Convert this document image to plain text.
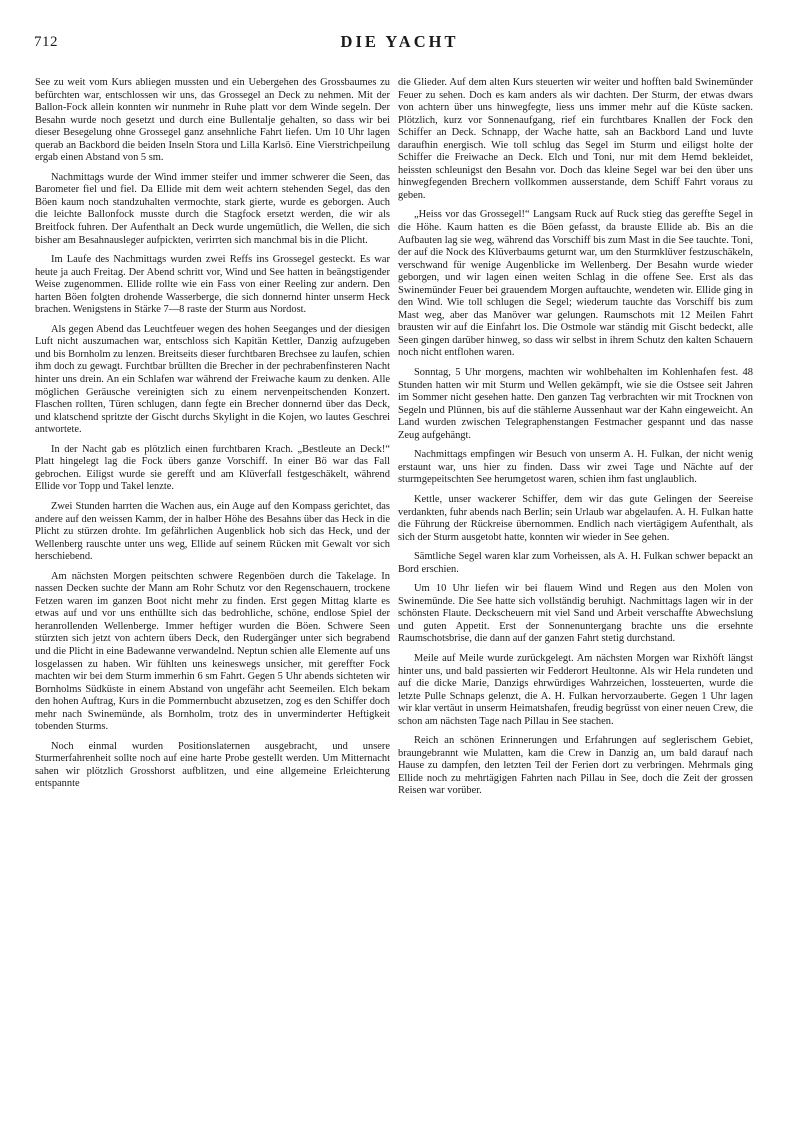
712	DIE YACHT

See zu weit vom Kurs abliegen mussten und ein Uebergehen des Grossbaumes zu befürchten war, entschlossen wir uns, das Grossegel an Deck zu nehmen. Mit der Ballon-Fock allein konnten wir nunmehr in Ruhe platt vor dem Winde segeln. Der Besahn wurde noch gesetzt und durch eine Bullentalje gehalten, so dass wir bei dieser Besegelung ohne Grossegel ganz ansehnliche Fahrt liefen. Um 10 Uhr lagen querab an Backbord die beiden Inseln Stora und Lilla Karlsö. Eine Vierstrichpeilung ergab einen Abstand von 5 sm.

Nachmittags wurde der Wind immer steifer und immer schwerer die Seen, das Barometer fiel und fiel. Da Ellide mit dem weit achtern stehenden Segel, das den Böen kaum noch standzuhalten vermochte, stark gierte, wurde es geborgen. Auch die leichte Ballonfock musste durch die Stagfock ersetzt werden, die wir als Breitfock fuhren. Der Aufenthalt an Deck wurde ungemütlich, die Wellen, die sich bisher am Besahnausleger aufpickten, verirrten sich manchmal bis in die Plicht.

Im Laufe des Nachmittags wurden zwei Reffs ins Grossegel gesteckt. Es war heute ja auch Freitag. Der Abend schritt vor, Wind und See hatten in beängstigender Weise zugenommen. Ellide rollte wie ein Fass von einer Reeling zur andern. Den harten Böen folgten drohende Wasserberge, die sich donnernd hinter unserm Heck brachen. Wenigstens in Stärke 7—8 raste der Sturm aus Nordost.

Als gegen Abend das Leuchtfeuer wegen des hohen Seeganges und der diesigen Luft nicht auszumachen war, entschloss sich Kapitän Kettler, Danzig aufzugeben und bis Bornholm zu lenzen. Breitseits dieser furchtbaren Brechsee zu laufen, schien ihm doch zu gewagt. Furchtbar brüllten die Brecher in der pechrabenfinsteren Nacht hinter uns drein. An ein Schlafen war während der Freiwache kaum zu denken. Alle möglichen Geräusche vereinigten sich zu einem nervenpeitschenden Konzert. Flaschen rollten, Türen schlugen, dann fegte ein Brecher donnernd über das Deck, und klatschend spritzte der Gischt durchs Skylight in die Kojen, wo lautes Geschrei antwortete.

In der Nacht gab es plötzlich einen furchtbaren Krach. „Bestleute an Deck!“ Platt hingelegt lag die Fock übers ganze Vorschiff. In einer Bö war das Fall gebrochen. Eiligst wurde sie gerefft und am Klüverfall festgeschäkelt, während Ellide vor Topp und Takel lenzte.

Zwei Stunden harrten die Wachen aus, ein Auge auf den Kompass gerichtet, das andere auf den weissen Kamm, der in halber Höhe des Besahns über das Heck in die Plicht zu stürzen drohte. Im gefährlichen Augenblick hob sich das Heck, und der Wellenberg rauschte unter uns weg, Ellide auf seinem Rücken mit Gewalt vor sich herschiebend.

Am nächsten Morgen peitschten schwere Regenböen durch die Takelage. In nassen Decken suchte der Mann am Rohr Schutz vor den Regenschauern, trockene Fetzen waren im ganzen Boot nicht mehr zu finden. Erst gegen Mittag klarte es etwas auf und vor uns enthüllte sich das bedrohliche, schöne, endlose Spiel der heranrollenden Wellenberge. Immer heftiger wurden die Böen. Schwere Seen stürzten sich jetzt von achtern übers Deck, den Rudergänger unter sich begrabend und die Plicht in eine Badewanne verwandelnd. Neptun schien alle Elemente auf uns losgelassen zu haben. Wir fühlten uns keineswegs unsicher, mit gereffter Fock machten wir bei dem Sturm immerhin 6 sm Fahrt. Gegen 5 Uhr abends sichteten wir Bornholms Südküste in einem Abstand von ungefähr acht Seemeilen. Elch bekam den hohen Auftrag, Kurs in die Pommernbucht abzusetzen, zog es den Schiffer doch mehr nach Swinemünde, als Bornholm, trotz des in unverminderter Heftigkeit tobenden Sturms.

Noch einmal wurden Positionslaternen ausgebracht, und unsere Sturmerfahrenheit sollte noch auf eine harte Probe gestellt werden. Um Mitternacht sahen wir plötzlich Grosshorst aufblitzen, und eine allgemeine Erleichterung entspannte

die Glieder. Auf dem alten Kurs steuerten wir weiter und hofften bald Swinemünder Feuer zu sehen. Doch es kam anders als wir dachten. Der Sturm, der etwas dwars von achtern über uns hinwegfegte, liess uns immer mehr auf die Küste sacken. Plötzlich, kurz vor Sonnenaufgang, rief ein furchtbares Knallen der Fock den Schiffer an Deck. Schnapp, der Wache hatte, sah an Backbord Land und luvte daraufhin energisch. Wie toll schlug das Segel im Sturm und eiligst holte der Schiffer die Freiwache an Deck. Elch und Toni, nur mit dem Hemd bekleidet, heissten schleunigst den Besahn vor. Doch das kleine Segel war bei den über uns hinwegfegenden Brechern vollkommen ausserstande, dem Schiff Fahrt voraus zu geben.

„Heiss vor das Grossegel!“ Langsam Ruck auf Ruck stieg das gereffte Segel in die Höhe. Kaum hatten es die Böen gefasst, da brauste Ellide ab. Bis an die Aufbauten lag sie weg, während das Vorschiff bis zum Mast in die See tauchte. Toni, der auf die Nock des Klüverbaums geturnt war, um den Sturmklüver festzuschäkeln, verschwand für wenige Augenblicke im Wellenberg. Der Besahn wurde wieder geborgen, und wir lagen einen weiten Schlag in die offene See. Erst als das Swinemünder Feuer bei grauendem Morgen auftauchte, wendeten wir. Ellide ging in den Wind. Wie toll schlugen die Segel; wiederum tauchte das Vorschiff bis zum Mast weg, aber das Manöver war gelungen. Raumschots mit 12 Meilen Fahrt brausten wir auf die Einfahrt los. Die Ostmole war ständig mit Gischt bedeckt, alle Seen gingen darüber hinweg, so dass wir selbst in ihrem Schutz den kalten Schauern noch nicht entflohen waren.

Sonntag, 5 Uhr morgens, machten wir wohlbehalten im Kohlenhafen fest. 48 Stunden hatten wir mit Sturm und Wellen gekämpft, wie sie die Ostsee seit Jahren im Sommer nicht gesehen hatte. Den ganzen Tag verbrachten wir mit Trocknen von Segeln und Plünnen, bis auf die stählerne Aussenhaut war der Kahn eingeweicht. An Land wurden zwischen Telegraphenstangen Festmacher gespannt und das nasse Zeug aufgehängt.

Nachmittags empfingen wir Besuch von unserm A. H. Fulkan, der nicht wenig erstaunt war, uns hier zu finden. Dass wir zwei Tage und Nächte auf der sturmgepeitschten See herumgetost waren, schien ihm fast unglaublich.

Kettle, unser wackerer Schiffer, dem wir das gute Gelingen der Seereise verdankten, fuhr abends nach Berlin; sein Urlaub war abgelaufen. A. H. Fulkan hatte die Führung der Rückreise übernommen. Endlich nach viertägigem Aufenthalt, als sich der Sturm ausgetobt hatte, konnten wir wieder in See gehen.

Sämtliche Segel waren klar zum Vorheissen, als A. H. Fulkan schwer bepackt an Bord erschien.

Um 10 Uhr liefen wir bei flauem Wind und Regen aus den Molen von Swinemünde. Die See hatte sich vollständig beruhigt. Nachmittags lagen wir in der schönsten Flaute. Deckscheuern mit viel Sand und Arbeit verschaffte Abwechslung und guten Appetit. Erst der Sonnenuntergang brachte uns die ersehnte Raumschotsbrise, die dann auf der ganzen Fahrt stetig durchstand.

Meile auf Meile wurde zurückgelegt. Am nächsten Morgen war Rixhöft längst hinter uns, und bald passierten wir Fedderort Heultonne. Als wir Hela rundeten und auf die dicke Marie, Danzigs ehrwürdiges Wahrzeichen, lossteuerten, wurde die letzte Pulle Schnaps gelenzt, die A. H. Fulkan hervorzauberte. Gegen 1 Uhr lagen wir klar vertäut in unserm Heimatshafen, freudig begrüsst von einer neuen Crew, die schon am nächsten Tage nach Pillau in See stachen.

Reich an schönen Erinnerungen und Erfahrungen auf seglerischem Gebiet, braungebrannt wie Mulatten, kam die Crew in Danzig an, um bald darauf nach Hause zu dampfen, den letzten Teil der Ferien dort zu verbringen. Mehrmals ging Ellide noch zu mehrtägigen Fahrten nach Pillau in See, doch die Zeit der grossen Reisen war vorüber.
